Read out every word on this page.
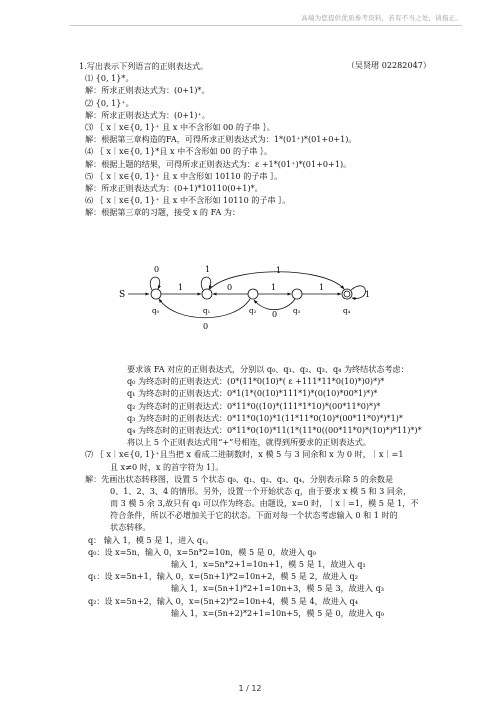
高端为您提供优质参考资料，若有不当之处，请指正。
1.写出表示下列语言的正则表达式。	（吴贤珺 02282047）
⑴ {0, 1}*。
解：所求正则表达式为：(0+1)*。
⑵ {0, 1}⁺。
解：所求正则表达式为：(0+1)⁺。
⑶ ｛ x｜x∈{0, 1}⁺ 且 x 中不含形如 00 的子串 ｝。
解：根据第三章构造的FA，可得所求正则表达式为：1*(01⁺)*(01+0+1)。
⑷ ｛ x｜x∈{0, 1}*且 x 中不含形如 00 的子串 ｝。
解：根据上题的结果，可得所求正则表达式为：ε +1*(01⁺)*(01+0+1)。
⑸ ｛ x｜x∈{0, 1}⁺ 且 x 中含形如 10110 的子串 ｝。
解：所求正则表达式为：(0+1)*10110(0+1)*。
⑹ ｛ x｜x∈{0, 1}⁺ 且 x 中不含形如 10110 的子串 ｝。
解：根据第三章的习题，接受 x 的 FA 为：
S
q₀	q₁	q₂	q₃	q₄
0	1	1
1	0	1	1
0
0
1
要求该 FA 对应的正则表达式，分别以 q₀、q₁、q₂、q₃、q₄ 为终结状态考虑：
q₀ 为终态时的正则表达式：(0*(11*0(10)*( ε +111*11*0(10)*)0)*)*
q₁ 为终态时的正则表达式：0*1(1*(0(10)*111*1)*(0(10)*00*1)*)*
q₂ 为终态时的正则表达式：0*11*0((10)*(111*1*10)*(00*11*0)*)*
q₃ 为终态时的正则表达式：0*11*0(10)*1(11*11*0(10)*(00*11*0)*)*1)*
q₄ 为终态时的正则表达式：0*11*0(10)*11(1*(11*0((00*11*0)*(10)*)*11)*)*
将以上 5 个正则表达式用“+”号相连，就得到所要求的正则表达式。
⑺ ｛ x｜x∈{0, 1}⁺且当把 x 看成二进制数时，x 模 5 与 3 同余和 x 为 0 时，｜x｜=1
且 x≠0 时，x 的首字符为 1｝。
解：先画出状态转移图，设置 5 个状态 q₀、q₁、q₂、q₃、q₄，分别表示除 5 的余数是
0、1、2、3、4 的情形。另外，设置一个开始状态 q，由于要求 x 模 5 和 3 同余，
而 3 模 5 余 3,故只有 q₃ 可以作为终态。由题设，x=0 时，｜x｜=1，模 5 是 1，不
符合条件，所以不必增加关于它的状态。下面对每一个状态考虑输入 0 和 1 时的
状态转移。
q： 输入 1，模 5 是 1，进入 q₁。
q₀：设 x=5n，输入 0，x=5n*2=10n，模 5 是 0，故进入 q₀
输入 1，x=5n*2+1=10n+1，模 5 是 1，故进入 q₁
q₁：设 x=5n+1，输入 0，x=(5n+1)*2=10n+2，模 5 是 2，故进入 q₂
输入 1，x=(5n+1)*2+1=10n+3，模 5 是 3，故进入 q₃
q₂：设 x=5n+2，输入 0，x=(5n+2)*2=10n+4，模 5 是 4，故进入 q₄
输入 1，x=(5n+2)*2+1=10n+5，模 5 是 0，故进入 q₀
1 / 12
